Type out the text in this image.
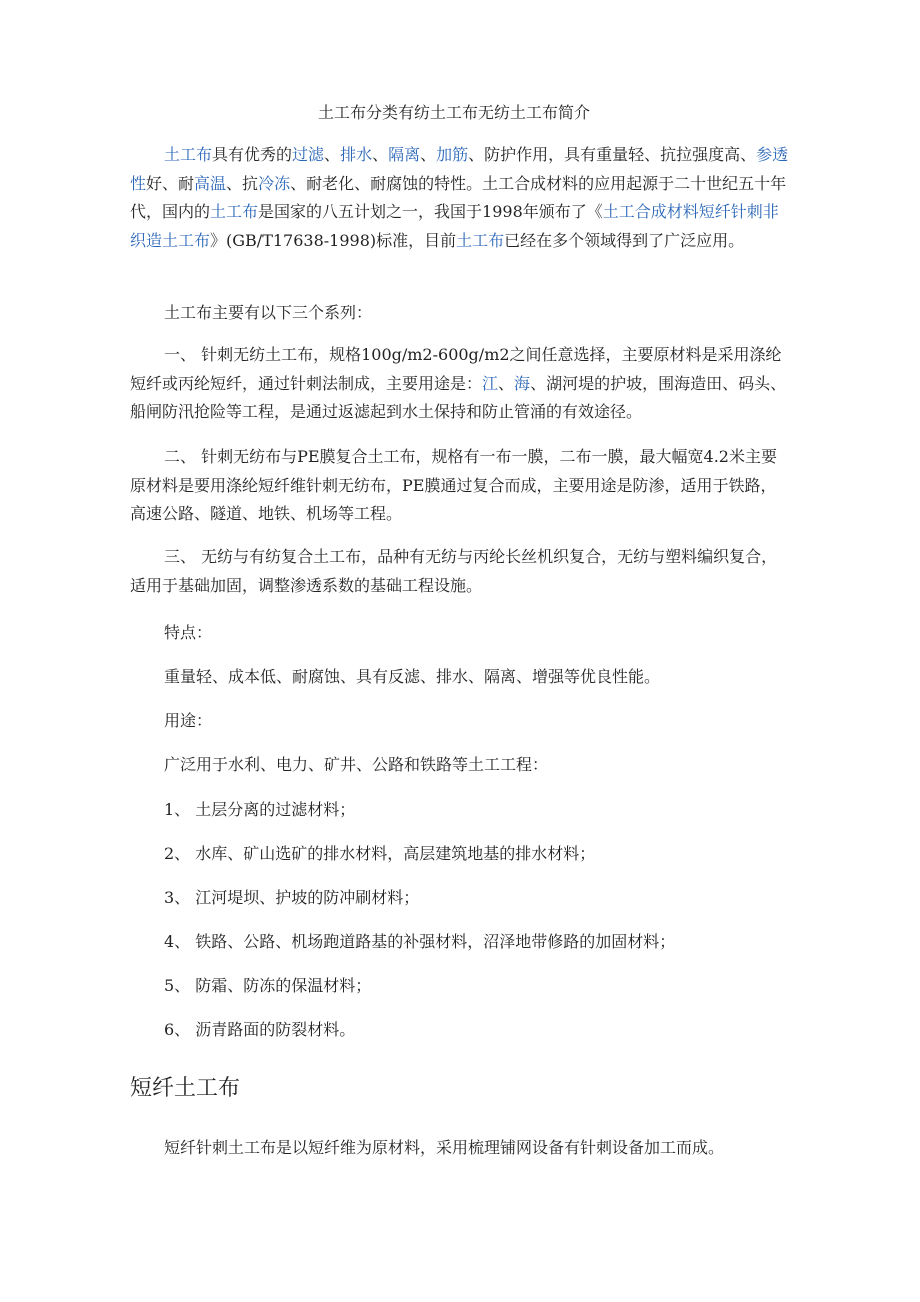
土工布分类有纺土工布无纺土工布简介

土工布具有优秀的过滤、排水、隔离、加筋、防护作用，具有重量轻、抗拉强度高、参透性好、耐高温、抗冷冻、耐老化、耐腐蚀的特性。土工合成材料的应用起源于二十世纪五十年代，国内的土工布是国家的八五计划之一，我国于1998年颁布了《土工合成材料短纤针刺非织造土工布》(GB/T17638-1998)标准，目前土工布已经在多个领域得到了广泛应用。

土工布主要有以下三个系列：

一、 针刺无纺土工布，规格100g/m2-600g/m2之间任意选择，主要原材料是采用涤纶短纤或丙纶短纤，通过针刺法制成，主要用途是：江、海、湖河堤的护坡，围海造田、码头、船闸防汛抢险等工程，是通过返滤起到水土保持和防止管涌的有效途径。

二、 针刺无纺布与PE膜复合土工布，规格有一布一膜，二布一膜，最大幅宽4.2米主要原材料是要用涤纶短纤维针刺无纺布，PE膜通过复合而成，主要用途是防渗，适用于铁路，高速公路、隧道、地铁、机场等工程。

三、 无纺与有纺复合土工布，品种有无纺与丙纶长丝机织复合，无纺与塑料编织复合， 适用于基础加固，调整渗透系数的基础工程设施。

特点：
重量轻、成本低、耐腐蚀、具有反滤、排水、隔离、增强等优良性能。
用途：
广泛用于水利、电力、矿井、公路和铁路等土工工程：
1、 土层分离的过滤材料；
2、 水库、矿山选矿的排水材料，高层建筑地基的排水材料；
3、 江河堤坝、护坡的防冲刷材料；
4、 铁路、公路、机场跑道路基的补强材料，沼泽地带修路的加固材料；
5、 防霜、防冻的保温材料；
6、 沥青路面的防裂材料。
短纤土工布
短纤针刺土工布是以短纤维为原材料，采用梳理铺网设备有针刺设备加工而成。
